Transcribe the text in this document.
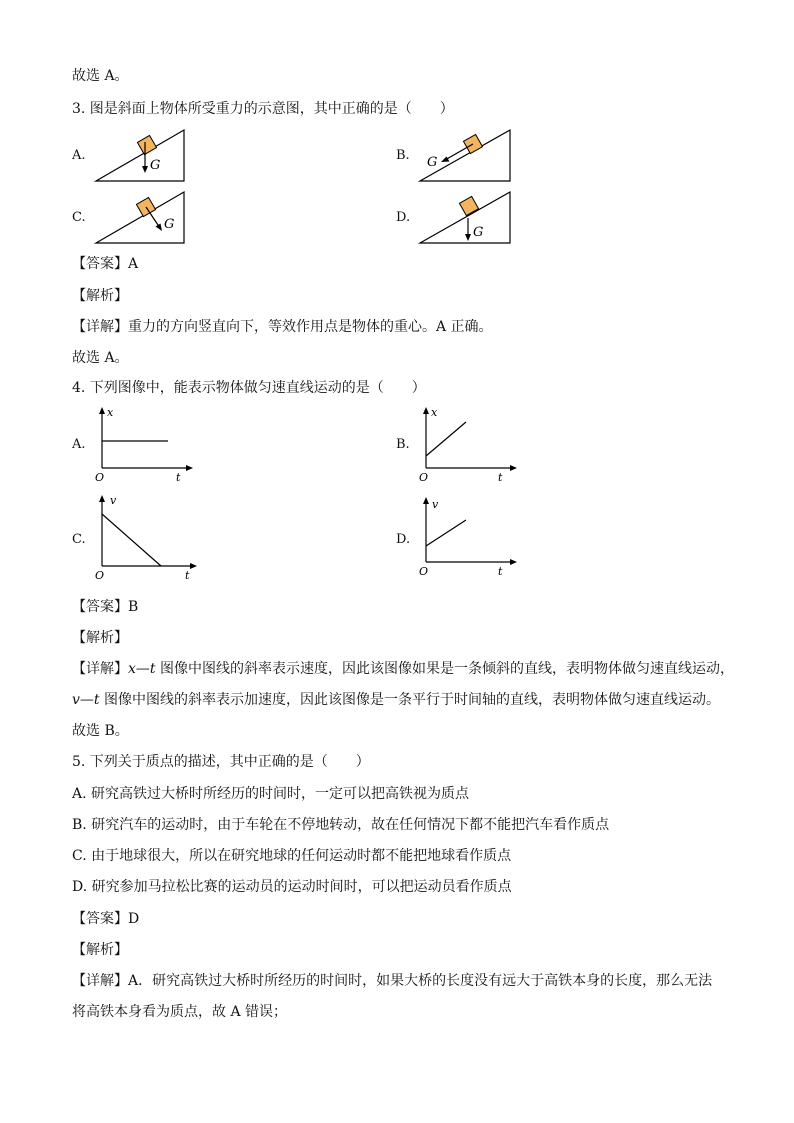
故选 A。
3. 图是斜面上物体所受重力的示意图，其中正确的是（　　）
A.
G
B. G
C.	G	D.
G
【答案】A
【解析】
【详解】重力的方向竖直向下，等效作用点是物体的重心。A 正确。
故选 A。
4. 下列图像中，能表示物体做匀速直线运动的是（　　）
A.
x
O	t
B.
x
O	t
C.
v
O	t
D.
v
O	t
【答案】B
【解析】
【详解】x—t 图像中图线的斜率表示速度，因此该图像如果是一条倾斜的直线，表明物体做匀速直线运动，
v—t 图像中图线的斜率表示加速度，因此该图像是一条平行于时间轴的直线，表明物体做匀速直线运动。
故选 B。
5. 下列关于质点的描述，其中正确的是（　　）
A. 研究高铁过大桥时所经历的时间时，一定可以把高铁视为质点
B. 研究汽车的运动时，由于车轮在不停地转动，故在任何情况下都不能把汽车看作质点
C. 由于地球很大，所以在研究地球的任何运动时都不能把地球看作质点
D. 研究参加马拉松比赛的运动员的运动时间时，可以把运动员看作质点
【答案】D
【解析】
【详解】A．研究高铁过大桥时所经历的时间时，如果大桥的长度没有远大于高铁本身的长度，那么无法
将高铁本身看为质点，故 A 错误；
